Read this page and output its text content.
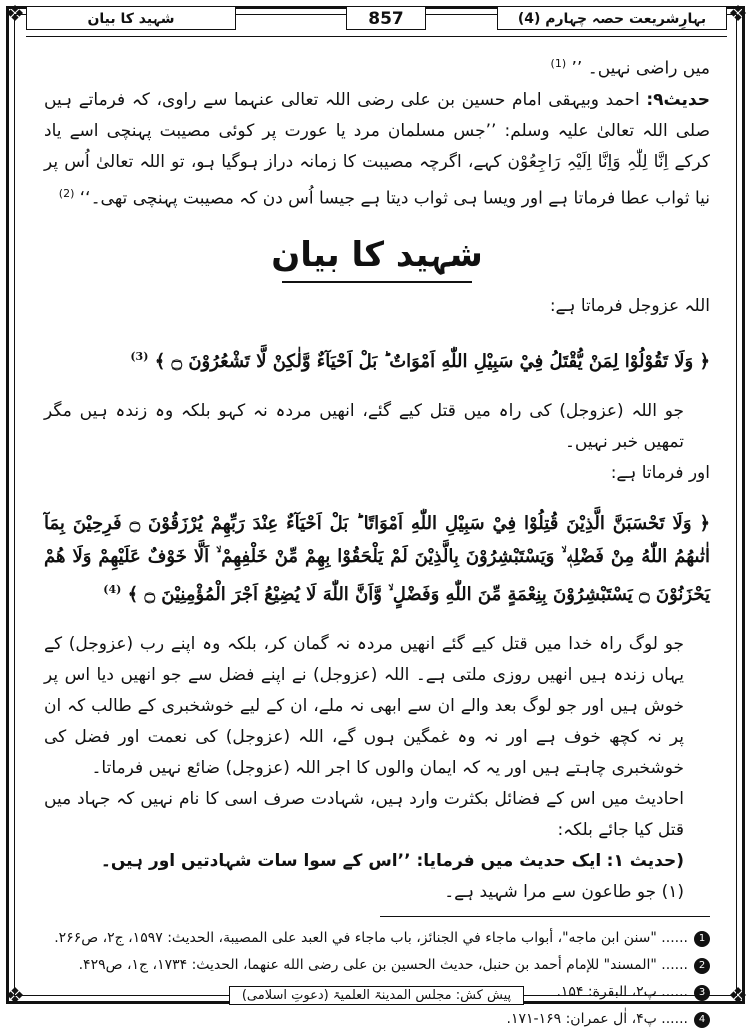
❖	❖
❖	❖
بہارِشریعت حصہ چہارم (4)
857
شہید کا بیان

میں راضی نہیں۔ ’’ $^{(1)}$

حدیث۹: احمد وبیہقی امام حسین بن علی رضی اللہ تعالی عنہما سے راوی، کہ فرماتے ہیں صلی اللہ تعالیٰ علیہ وسلم: ’’جس مسلمان مرد یا عورت پر کوئی مصیبت پہنچی اسے یاد کرکے اِنَّا لِلّٰہِ وَاِنَّا اِلَیْہِ رَاجِعُوْن کہے، اگرچہ مصیبت کا زمانہ دراز ہوگیا ہو، تو اللہ تعالیٰ اُس پر نیا ثواب عطا فرماتا ہے اور ویسا ہی ثواب دیتا ہے جیسا اُس دن کہ مصیبت پہنچی تھی۔‘‘ $^{(2)}$

شہید کا بیان

اللہ عزوجل فرماتا ہے:

﴿ وَلَا تَقُوْلُوْا لِمَنْ يُّقْتَلُ فِيْ سَبِيْلِ اللّٰهِ اَمْوَاتٌ ؕ بَلْ اَحْيَآءٌ وَّلٰكِنْ لَّا تَشْعُرُوْنَ ۝ ﴾ $^{(3)}$

جو اللہ (عزوجل) کی راہ میں قتل کیے گئے، انھیں مردہ نہ کہو بلکہ وہ زندہ ہیں مگر تمھیں خبر نہیں۔

اور فرماتا ہے:

﴿ وَلَا تَحْسَبَنَّ الَّذِيْنَ قُتِلُوْا فِيْ سَبِيْلِ اللّٰهِ اَمْوَاتًا ؕ بَلْ اَحْيَآءٌ عِنْدَ رَبِّهِمْ يُرْزَقُوْنَ ۝ فَرِحِيْنَ بِمَآ اٰتٰىهُمُ اللّٰهُ مِنْ فَضْلِهٖ ۙ وَيَسْتَبْشِرُوْنَ بِالَّذِيْنَ لَمْ يَلْحَقُوْا بِهِمْ مِّنْ خَلْفِهِمْ ۙ اَلَّا خَوْفٌ عَلَيْهِمْ وَلَا هُمْ يَحْزَنُوْنَ ۝ يَسْتَبْشِرُوْنَ بِنِعْمَةٍ مِّنَ اللّٰهِ وَفَضْلٍ ۙ وَّاَنَّ اللّٰهَ لَا يُضِيْعُ اَجْرَ الْمُؤْمِنِيْنَ ۝ ﴾ $^{(4)}$

جو لوگ راہ خدا میں قتل کیے گئے انھیں مردہ نہ گمان کر، بلکہ وہ اپنے رب (عزوجل) کے یہاں زندہ ہیں انھیں روزی ملتی ہے۔ اللہ (عزوجل) نے اپنے فضل سے جو انھیں دیا اس پر خوش ہیں اور جو لوگ بعد والے ان سے ابھی نہ ملے، ان کے لیے خوشخبری کے طالب کہ ان پر نہ کچھ خوف ہے اور نہ وہ غمگین ہوں گے، اللہ (عزوجل) کی نعمت اور فضل کی خوشخبری چاہتے ہیں اور یہ کہ ایمان والوں کا اجر اللہ (عزوجل) ضائع نہیں فرماتا۔

احادیث میں اس کے فضائل بکثرت وارد ہیں، شہادت صرف اسی کا نام نہیں کہ جہاد میں قتل کیا جائے بلکہ:

(حدیث ۱: ایک حدیث میں فرمایا: ’’اس کے سوا سات شہادتیں اور ہیں۔

(۱) جو طاعون سے مرا شہید ہے۔

1
...... "سنن ابن ماجه"، أبواب ماجاء في الجنائز، باب ماجاء في العبد على المصيبة، الحديث: ۱۵۹۷، ج۲، ص۲۶۶.
2
...... "المسند" للإمام أحمد بن حنبل، حديث الحسين بن على رضى الله عنهما، الحديث: ۱۷۳۴، ج۱، ص۴۲۹.
3
...... پ۲، البقرة: ۱۵۴.
4
...... پ۴، اٰل عمران: ۱۶۹-۱۷۱.
پیش کش: مجلس المدینۃ العلمیۃ (دعوتِ اسلامی)
